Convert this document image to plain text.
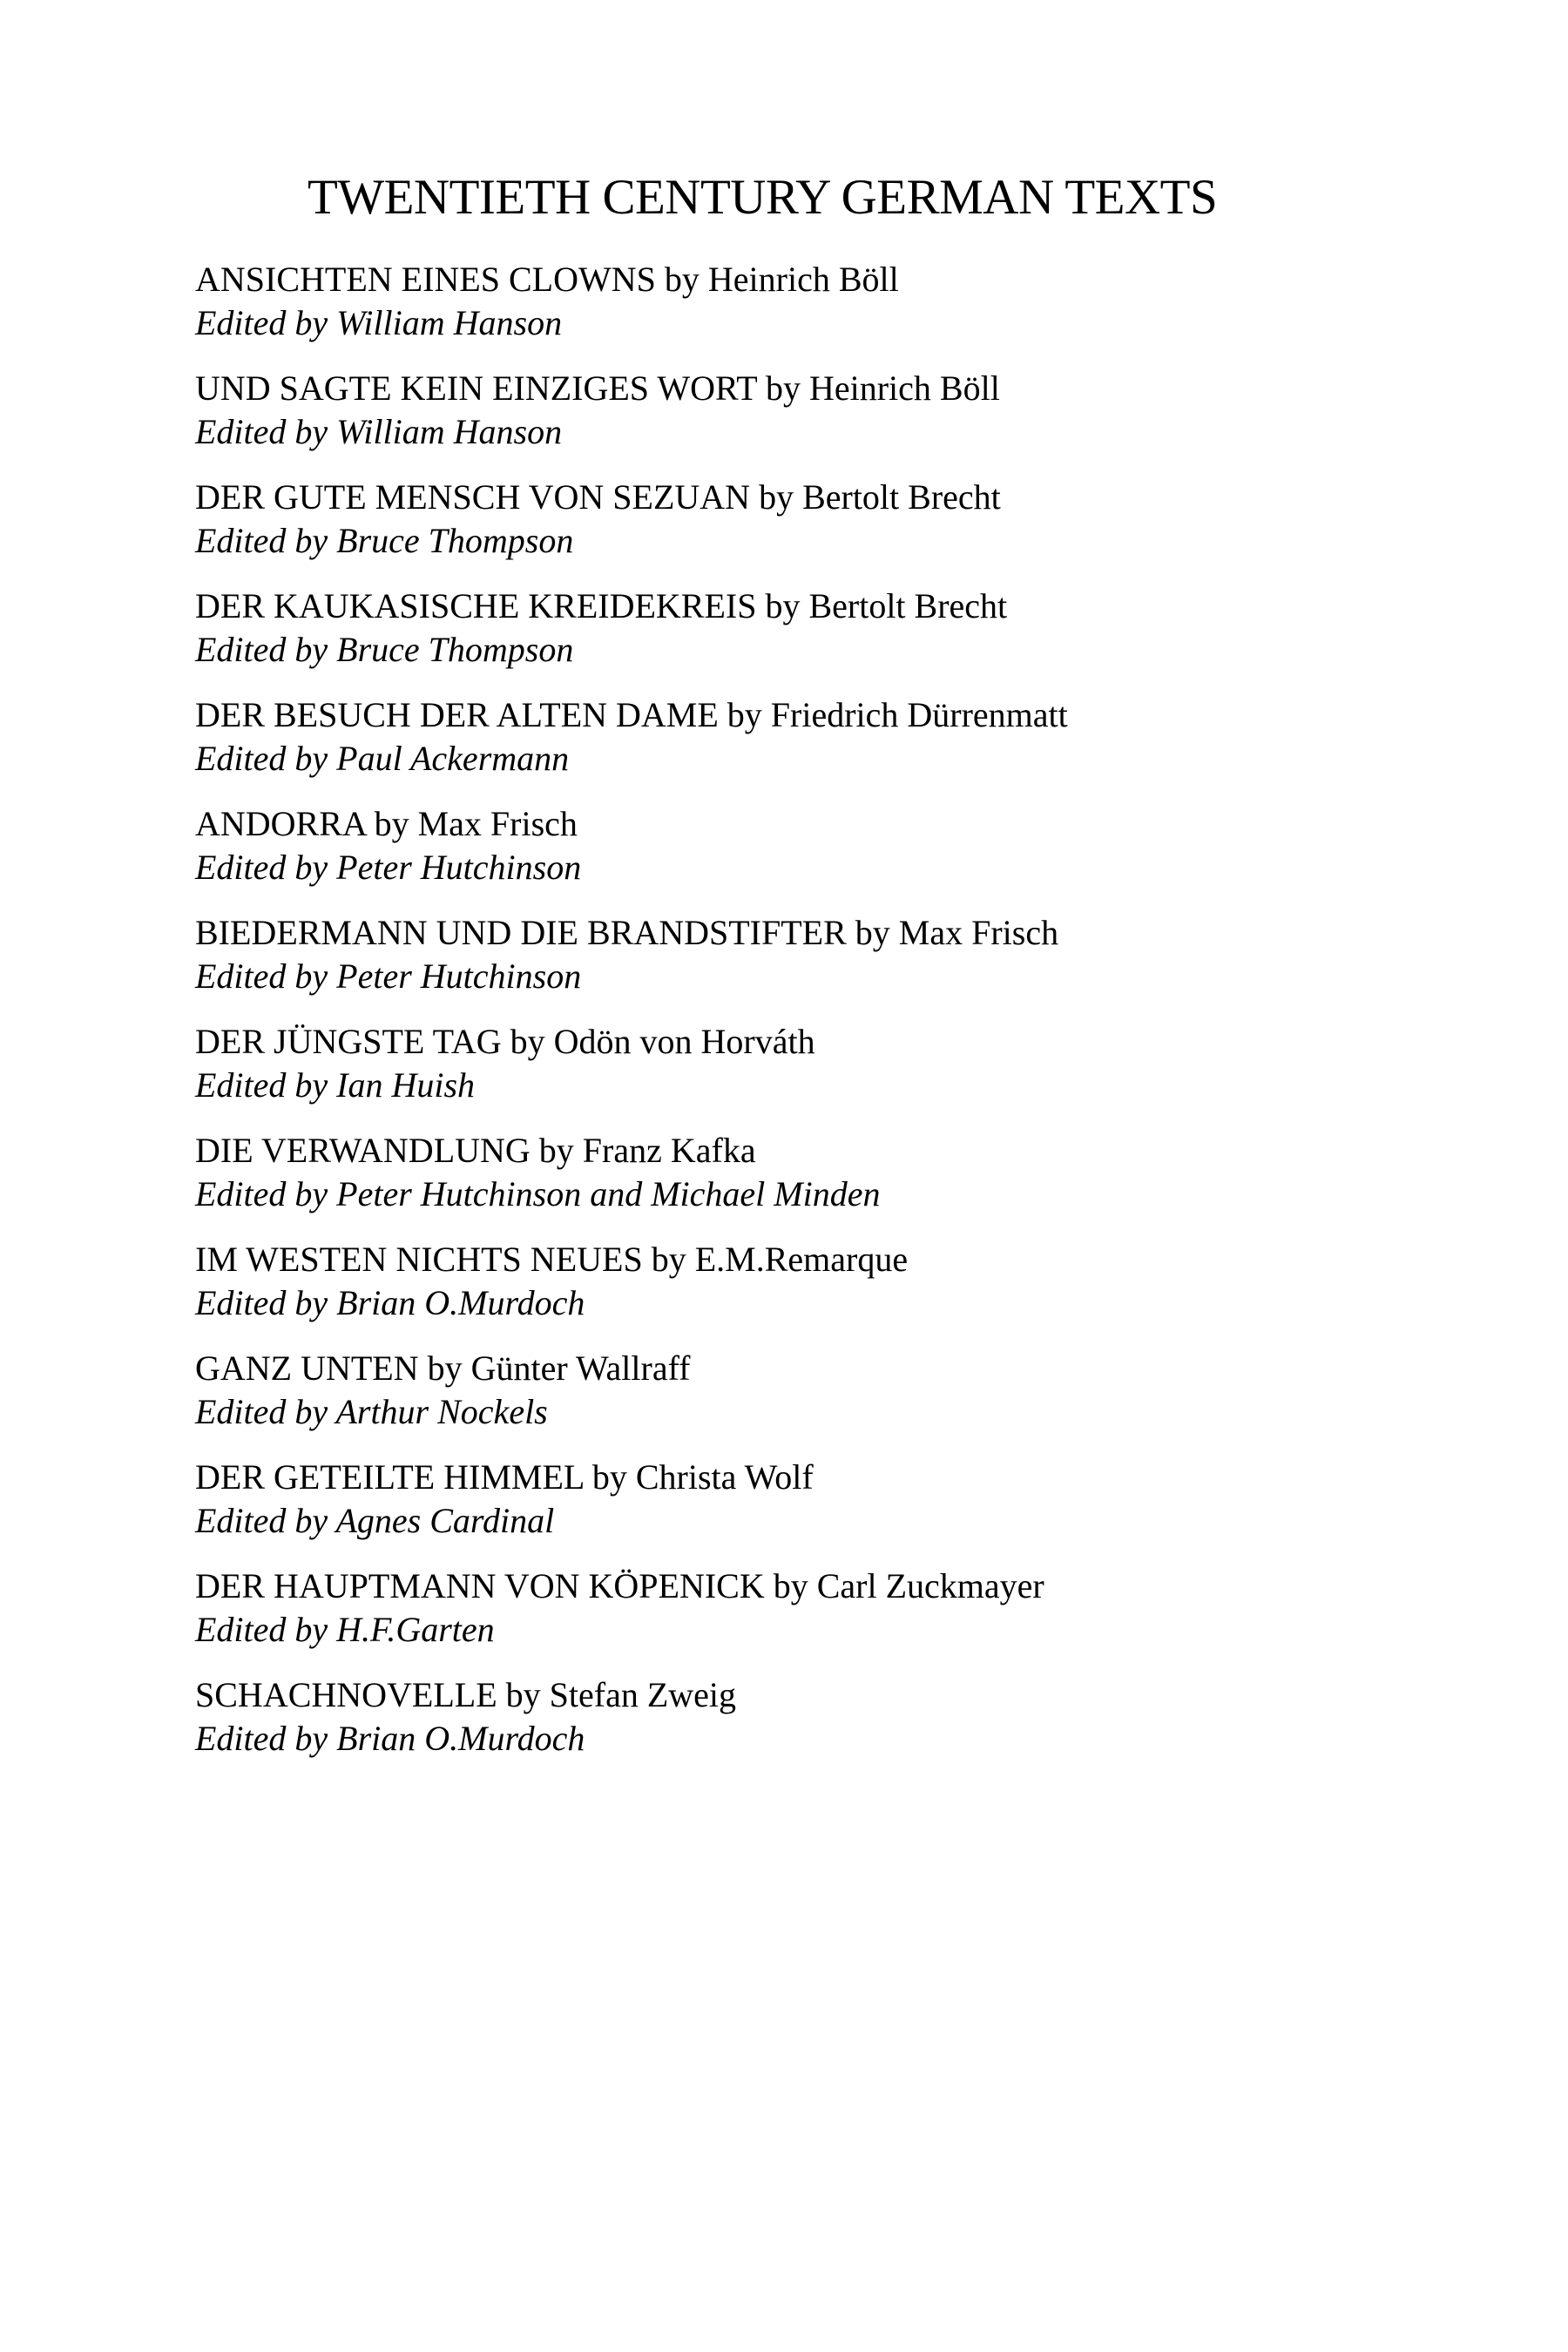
TWENTIETH CENTURY GERMAN TEXTS
ANSICHTEN EINES CLOWNS by Heinrich Böll
Edited by William Hanson
UND SAGTE KEIN EINZIGES WORT by Heinrich Böll
Edited by William Hanson
DER GUTE MENSCH VON SEZUAN by Bertolt Brecht
Edited by Bruce Thompson
DER KAUKASISCHE KREIDEKREIS by Bertolt Brecht
Edited by Bruce Thompson
DER BESUCH DER ALTEN DAME by Friedrich Dürrenmatt
Edited by Paul Ackermann
ANDORRA by Max Frisch
Edited by Peter Hutchinson
BIEDERMANN UND DIE BRANDSTIFTER by Max Frisch
Edited by Peter Hutchinson
DER JÜNGSTE TAG by Odön von Horváth
Edited by Ian Huish
DIE VERWANDLUNG by Franz Kafka
Edited by Peter Hutchinson and Michael Minden
IM WESTEN NICHTS NEUES by E.M.Remarque
Edited by Brian O.Murdoch
GANZ UNTEN by Günter Wallraff
Edited by Arthur Nockels
DER GETEILTE HIMMEL by Christa Wolf
Edited by Agnes Cardinal
DER HAUPTMANN VON KÖPENICK by Carl Zuckmayer
Edited by H.F.Garten
SCHACHNOVELLE by Stefan Zweig
Edited by Brian O.Murdoch
